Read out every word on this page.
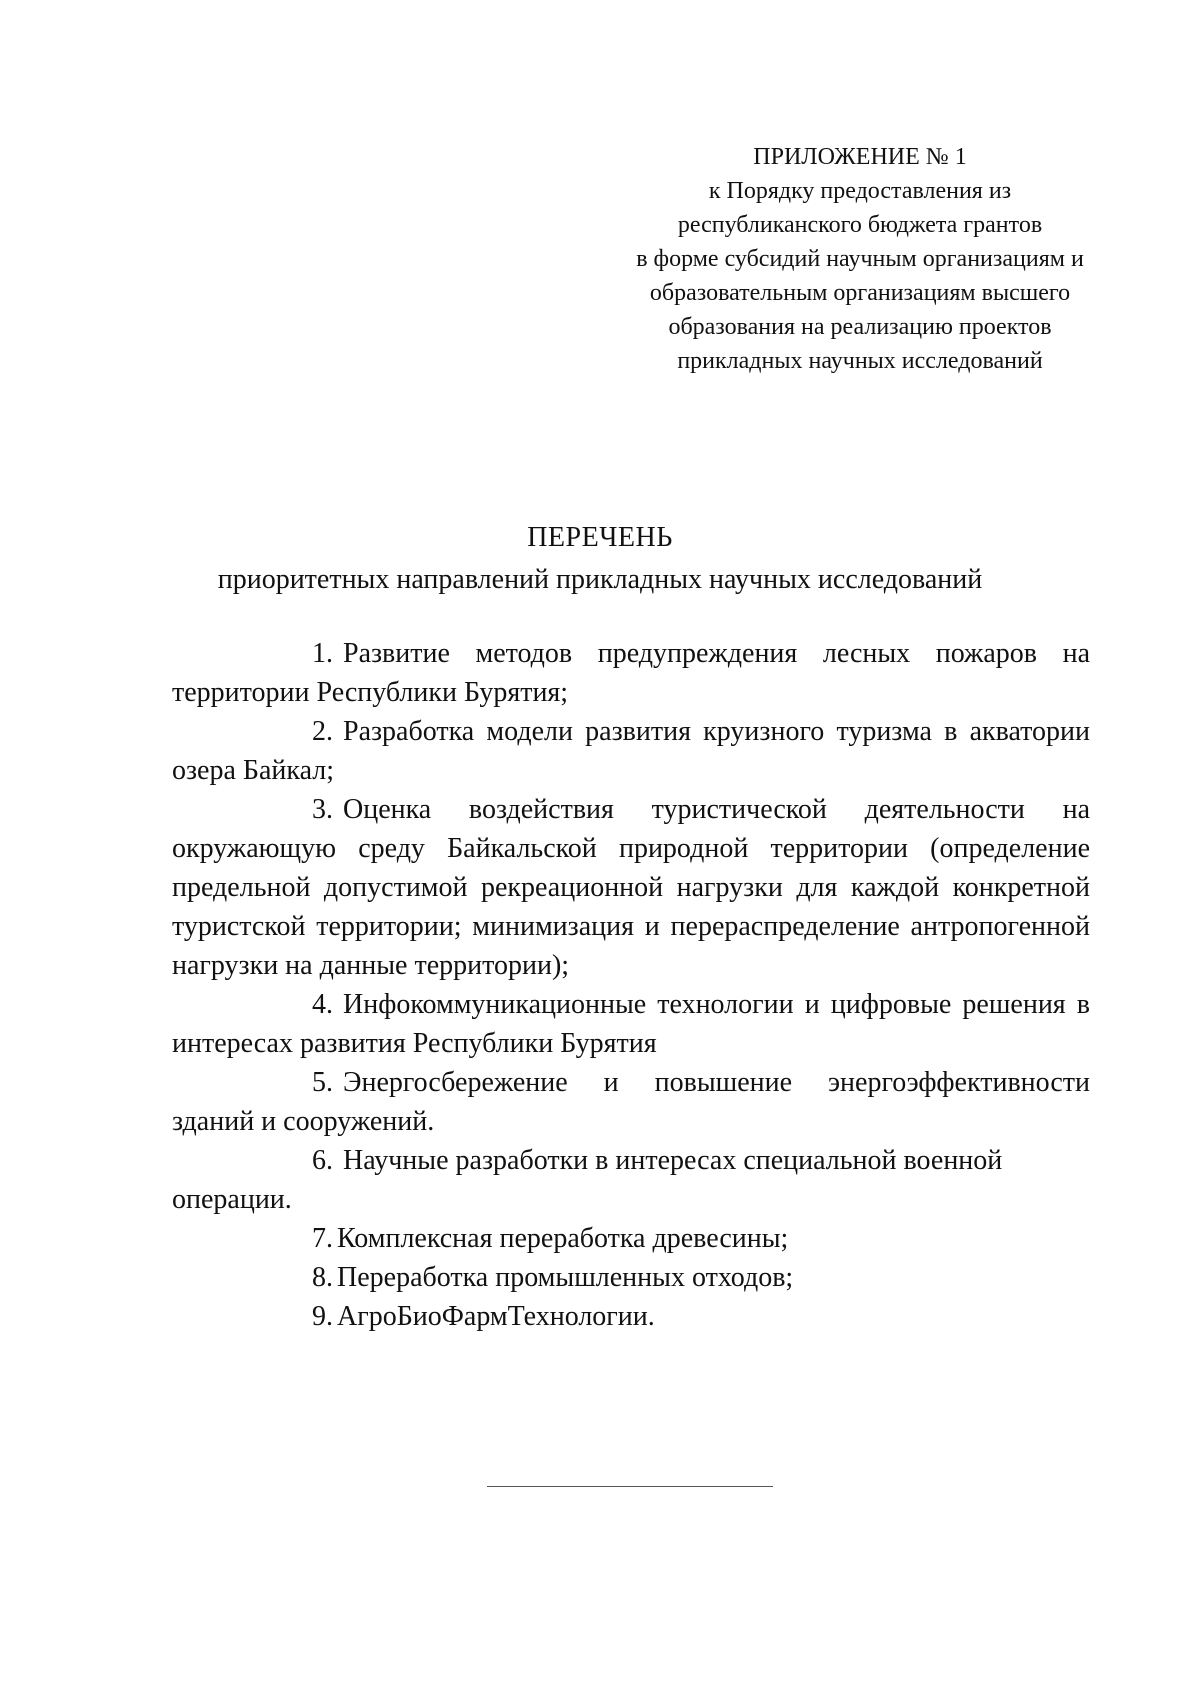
ПРИЛОЖЕНИЕ № 1
к Порядку предоставления из
республиканского бюджета грантов
в форме субсидий научным организациям и
образовательным организациям высшего
образования на реализацию проектов
прикладных научных исследований
ПЕРЕЧЕНЬ
приоритетных направлений прикладных научных исследований

1. Развитие методов предупреждения лесных пожаров на территории Республики Бурятия;

2. Разработка модели развития круизного туризма в акватории озера Байкал;

3. Оценка воздействия туристической деятельности на окружающую среду Байкальской природной территории (определение предельной допустимой рекреационной нагрузки для каждой конкретной туристской территории; минимизация и перераспределение антропогенной нагрузки на данные территории);

4. Инфокоммуникационные технологии и цифровые решения в интересах развития Республики Бурятия

5. Энергосбережение и повышение энергоэффективности зданий и сооружений.

6. Научные разработки в интересах специальной военной операции.

7. Комплексная переработка древесины;

8. Переработка промышленных отходов;

9. АгроБиоФармТехнологии.
